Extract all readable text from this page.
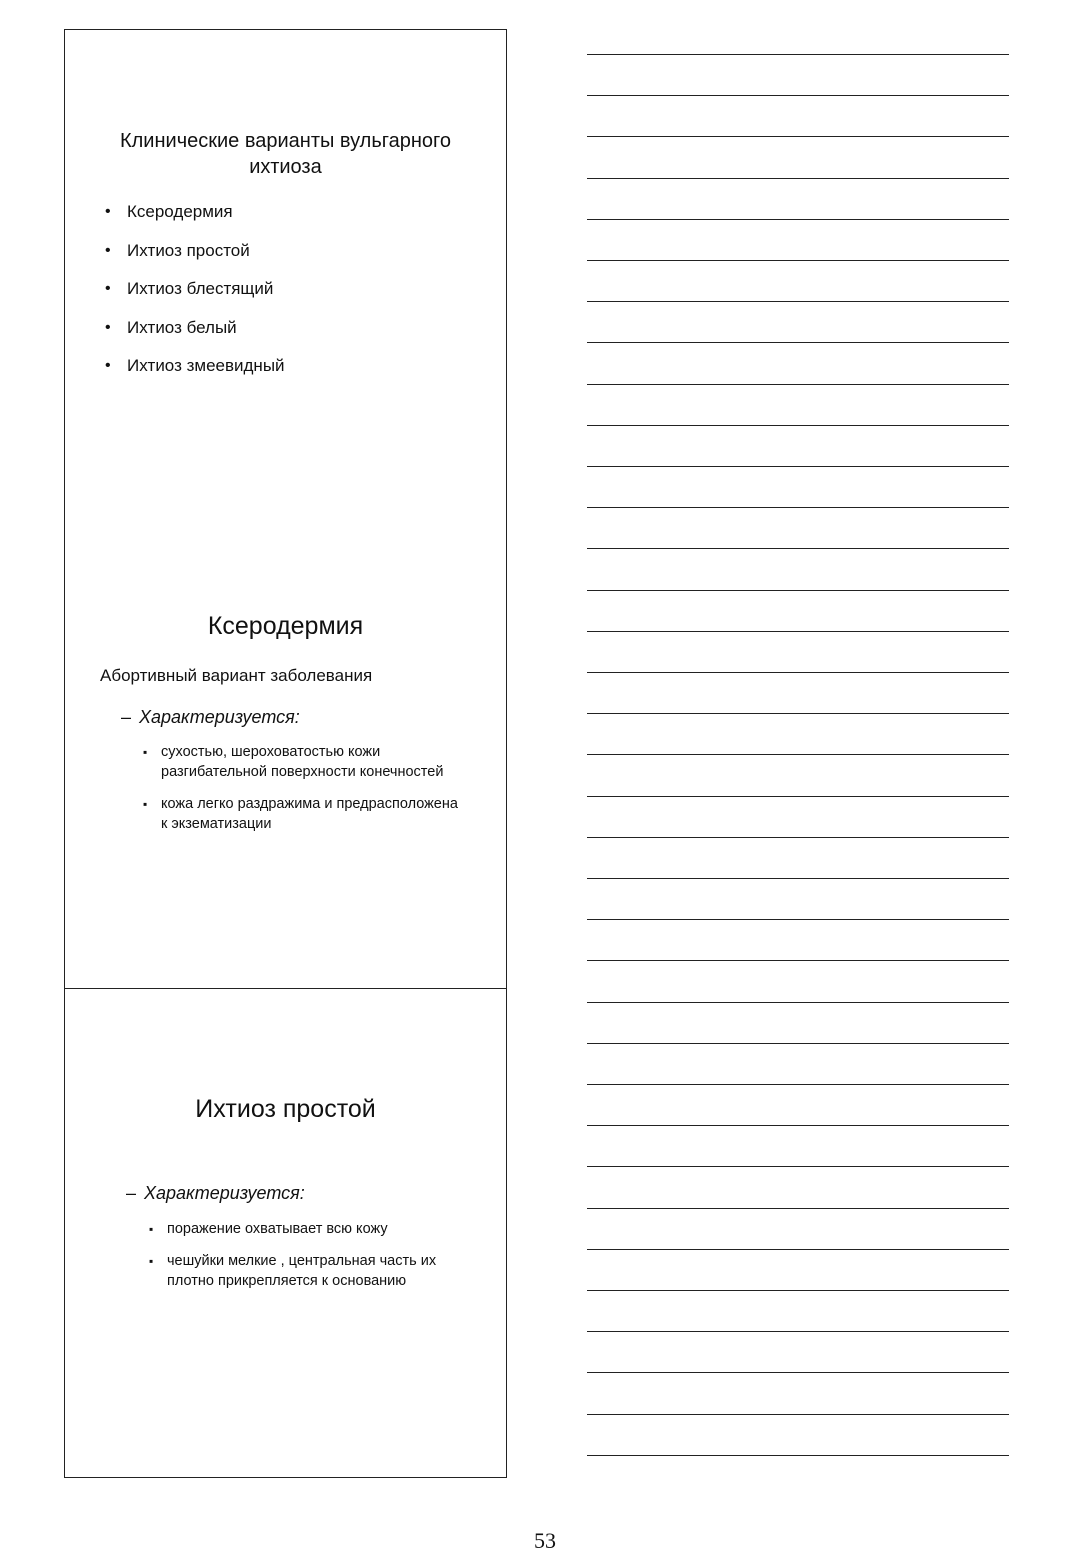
Клинические варианты вульгарного ихтиоза
• Ксеродермия
• Ихтиоз простой
• Ихтиоз блестящий
• Ихтиоз белый
• Ихтиоз змеевидный
Ксеродермия
Абортивный вариант заболевания
– Характеризуется:
▪ сухостью, шероховатостью кожи разгибательной поверхности конечностей
▪ кожа легко раздражима и предрасположена к экзематизации
Ихтиоз простой
– Характеризуется:
▪ поражение охватывает всю кожу
▪ чешуйки мелкие , центральная часть их плотно прикрепляется к основанию
53
